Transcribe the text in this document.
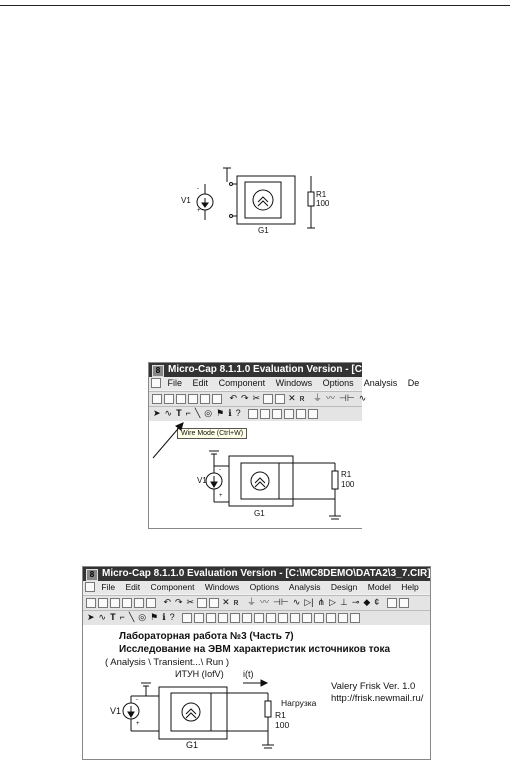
V1
-
+
G1
R1
100
8 Micro-Cap 8.1.1.0 Evaluation Version - [C:\MC8DE
File Edit Component Windows Options Analysis De
↶ ↷ ✂	✕ ʀ ⏚ 〰 ⊣⊢ ∿
➤ ∿ T ⌐ ╲ ◎ ⚑ ℹ ?
Wire Mode (Ctrl+W)
V1
-
+
G1
R1
100
8 Micro-Cap 8.1.1.0 Evaluation Version - [C:\MC8DEMO\DATA2\3_7.CIR]
File Edit Component Windows Options Analysis Design Model Help
↶ ↷ ✂	✕ ʀ ⏚ 〰 ⊣⊢ ∿ ▷| ⋔ ▷ ⊥ ⊸ ◆ ¢
➤ ∿ T ⌐ ╲ ◎ ⚑ ℹ ?
Лабораторная работа №3 (Часть 7)
Исследование на ЭВМ характеристик источников тока
( Analysis \ Transient...\ Run )
Valery Frisk Ver. 1.0
http://frisk.newmail.ru/
ИТУН (IofV) i(t)
Нагрузка
V1
-
+
G1
R1
100
